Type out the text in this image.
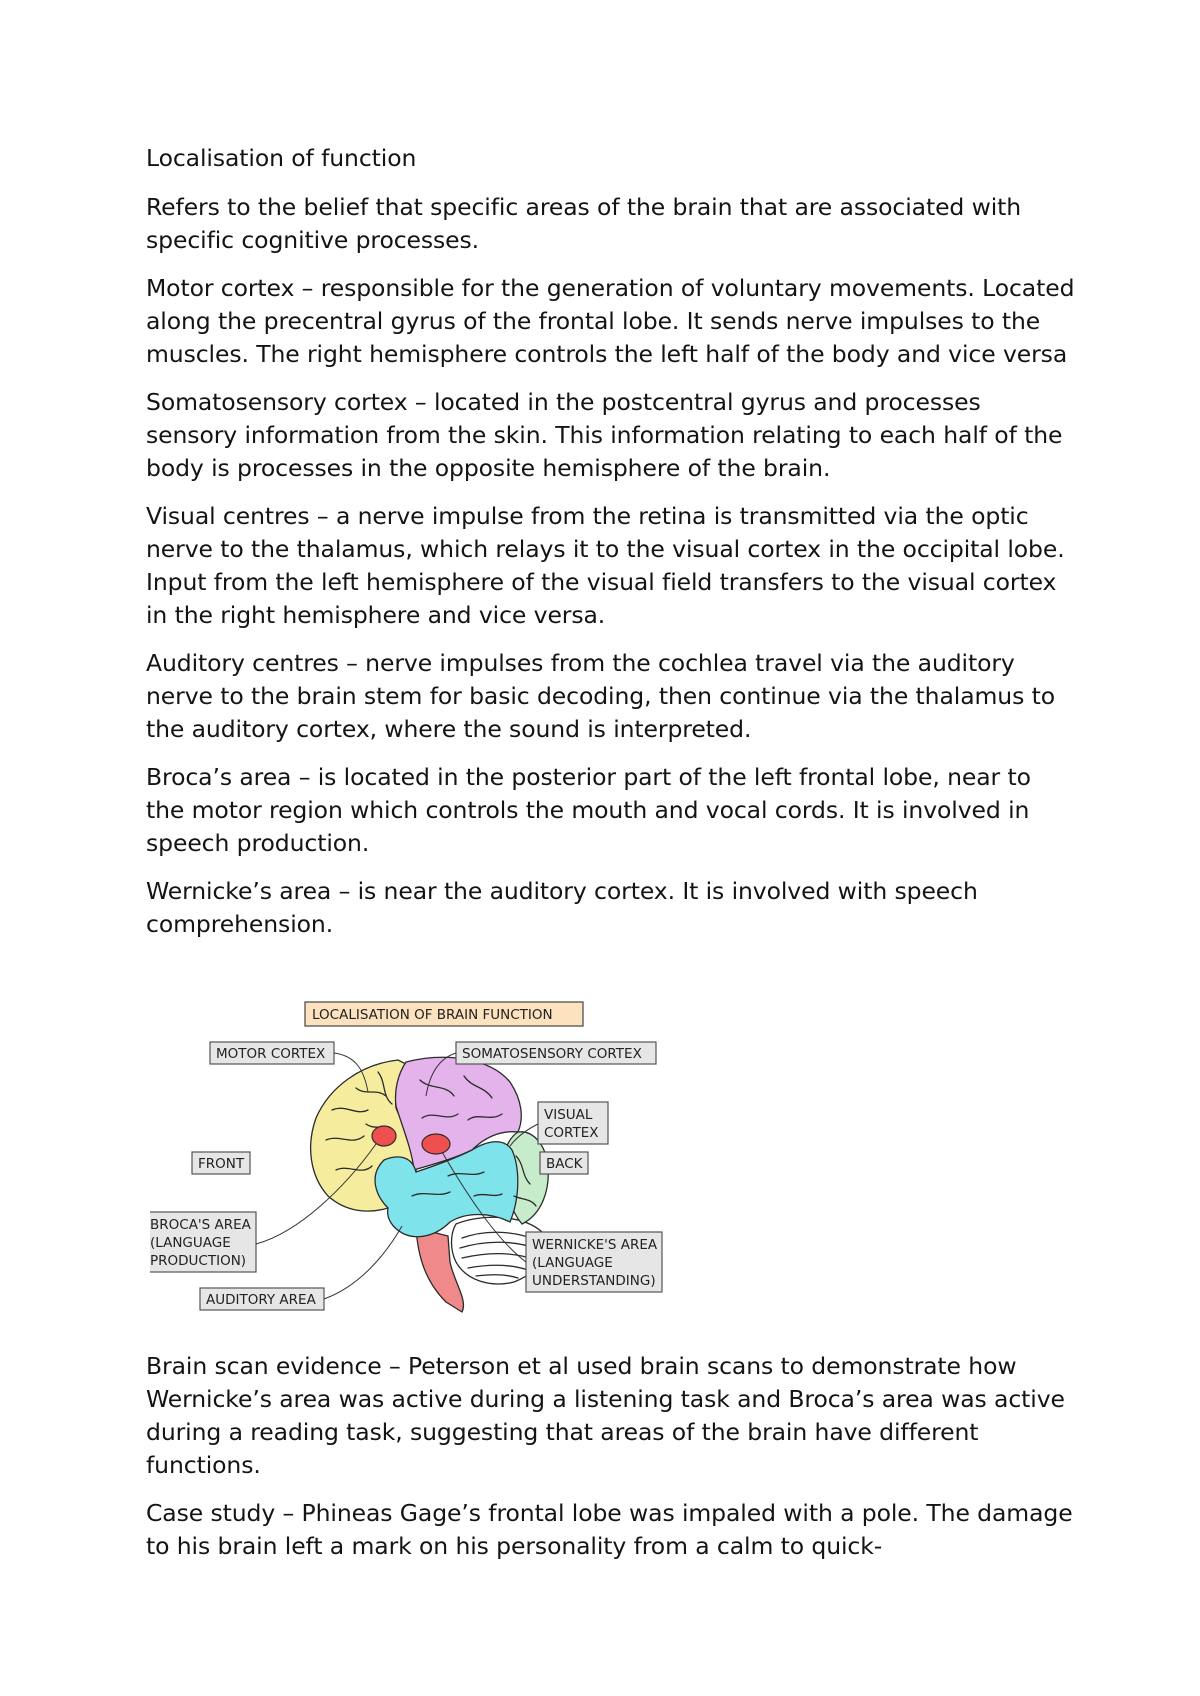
Localisation of function

Refers to the belief that specific areas of the brain that are associated with specific cognitive processes.

Motor cortex – responsible for the generation of voluntary movements. Located along the precentral gyrus of the frontal lobe. It sends nerve impulses to the muscles. The right hemisphere controls the left half of the body and vice versa

Somatosensory cortex – located in the postcentral gyrus and processes sensory information from the skin. This information relating to each half of the body is processes in the opposite hemisphere of the brain.

Visual centres – a nerve impulse from the retina is transmitted via the optic nerve to the thalamus, which relays it to the visual cortex in the occipital lobe. Input from the left hemisphere of the visual field transfers to the visual cortex in the right hemisphere and vice versa.

Auditory centres – nerve impulses from the cochlea travel via the auditory nerve to the brain stem for basic decoding, then continue via the thalamus to the auditory cortex, where the sound is interpreted.

Broca’s area – is located in the posterior part of the left frontal lobe, near to the motor region which controls the mouth and vocal cords. It is involved in speech production.

Wernicke’s area – is near the auditory cortex. It is involved with speech comprehension.

LOCALISATION OF BRAIN FUNCTION
MOTOR CORTEX	SOMATOSENSORY CORTEX
VISUAL
CORTEX
FRONT	BACK
BROCA'S AREA
(LANGUAGE
PRODUCTION)
AUDITORY AREA
WERNICKE'S AREA
(LANGUAGE
UNDERSTANDING)

Brain scan evidence – Peterson et al used brain scans to demonstrate how Wernicke’s area was active during a listening task and Broca’s area was active during a reading task, suggesting that areas of the brain have different functions.

Case study – Phineas Gage’s frontal lobe was impaled with a pole. The damage to his brain left a mark on his personality from a calm to quick-
